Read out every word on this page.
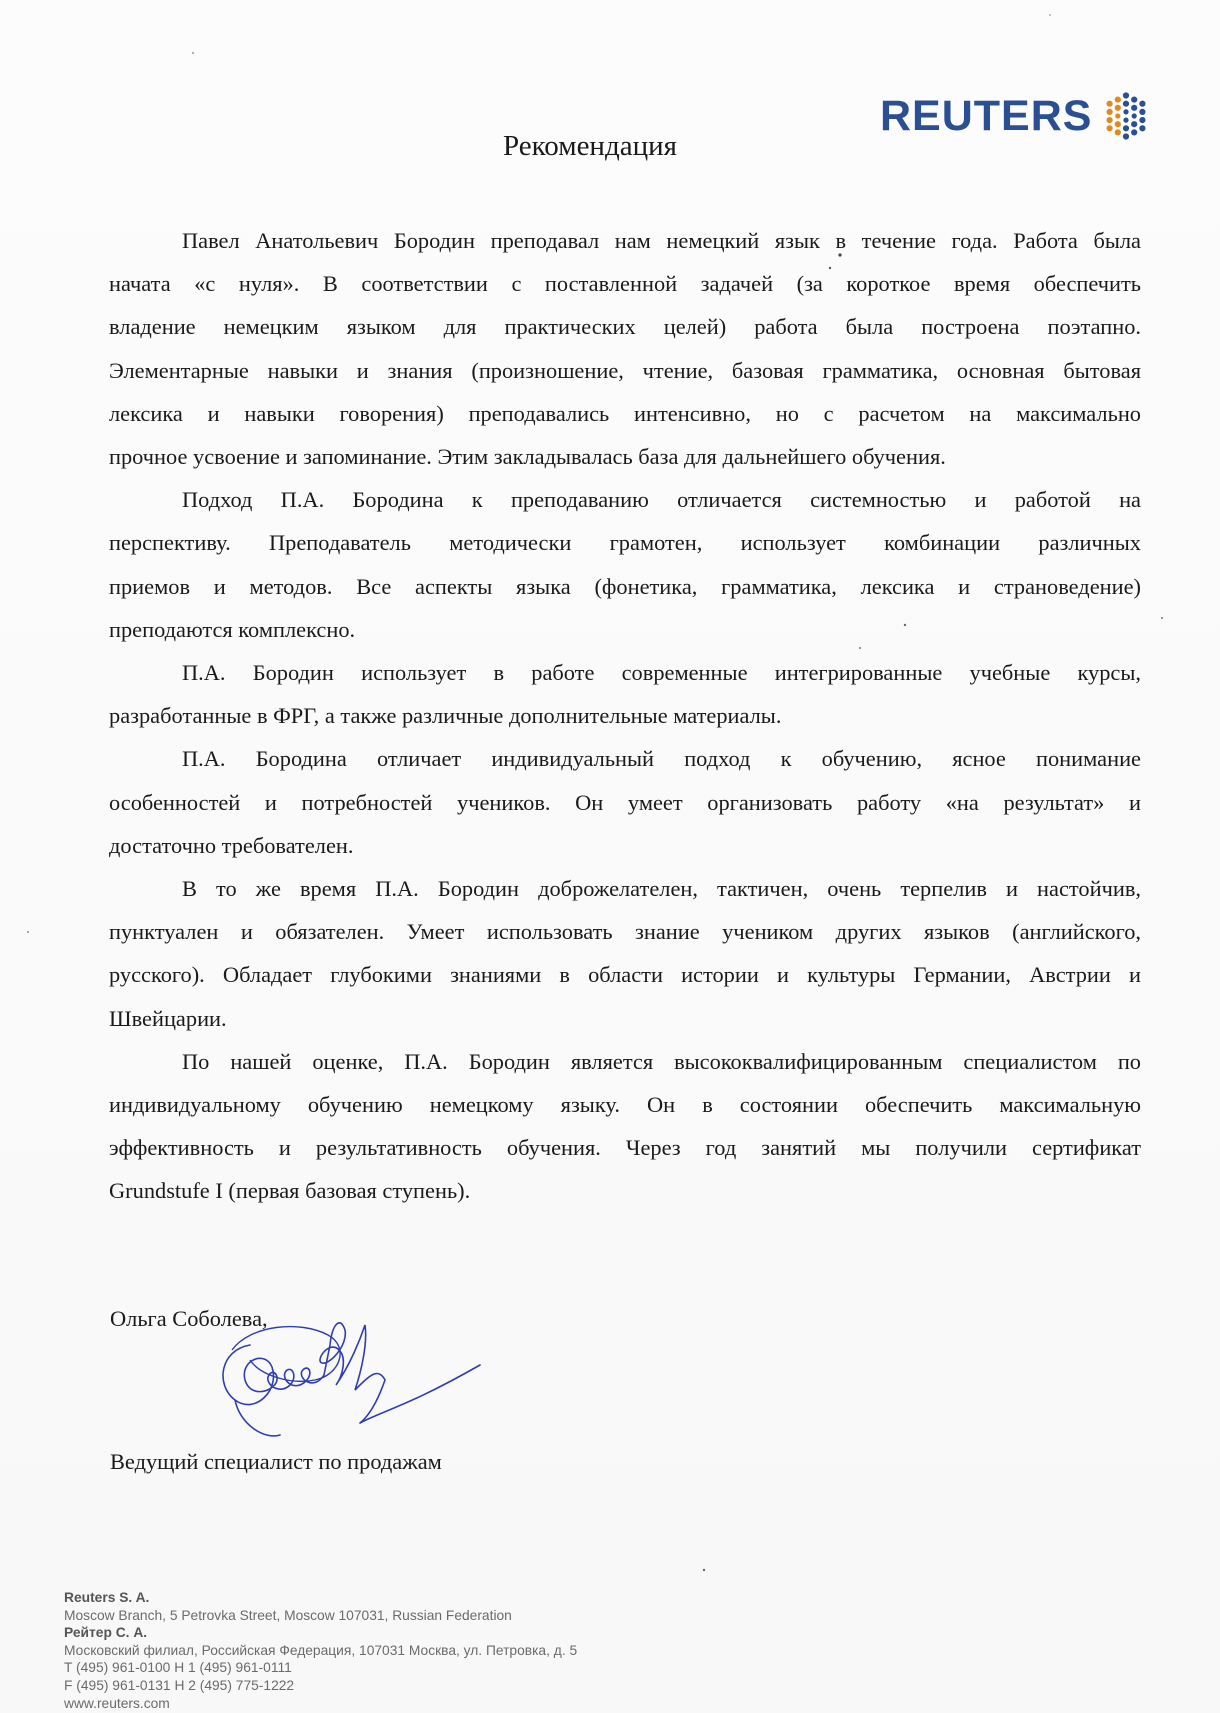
REUTERS
Рекомендация

Павел Анатольевич Бородин преподавал нам немецкий язык в течение года. Работа была
начата «с нуля». В соответствии с поставленной задачей (за короткое время обеспечить
владение немецким языком для практических целей) работа была построена поэтапно.
Элементарные навыки и знания (произношение, чтение, базовая грамматика, основная бытовая
лексика и навыки говорения) преподавались интенсивно, но с расчетом на максимально
прочное усвоение и запоминание. Этим закладывалась база для дальнейшего обучения.

Подход П.А. Бородина к преподаванию отличается системностью и работой на
перспективу. Преподаватель методически грамотен, использует комбинации различных
приемов и методов. Все аспекты языка (фонетика, грамматика, лексика и страноведение)
преподаются комплексно.

П.А. Бородин использует в работе современные интегрированные учебные курсы,
разработанные в ФРГ, а также различные дополнительные материалы.

П.А. Бородина отличает индивидуальный подход к обучению, ясное понимание
особенностей и потребностей учеников. Он умеет организовать работу «на результат» и
достаточно требователен.

В то же время П.А. Бородин доброжелателен, тактичен, очень терпелив и настойчив,
пунктуален и обязателен. Умеет использовать знание учеником других языков (английского,
русского). Обладает глубокими знаниями в области истории и культуры Германии, Австрии и
Швейцарии.

По нашей оценке, П.А. Бородин является высококвалифицированным специалистом по
индивидуальному обучению немецкому языку. Он в состоянии обеспечить максимальную
эффективность и результативность обучения. Через год занятий мы получили сертификат
Grundstufe I (первая базовая ступень).

Ольга Соболева,
Ведущий специалист по продажам
Reuters S. A.
Moscow Branch, 5 Petrovka Street, Moscow 107031, Russian Federation
Рейтер С. А.
Московский филиал, Российская Федерация, 107031 Москва, ул. Петровка, д. 5
T (495) 961-0100 H 1 (495) 961-0111
F (495) 961-0131 H 2 (495) 775-1222
www.reuters.com
